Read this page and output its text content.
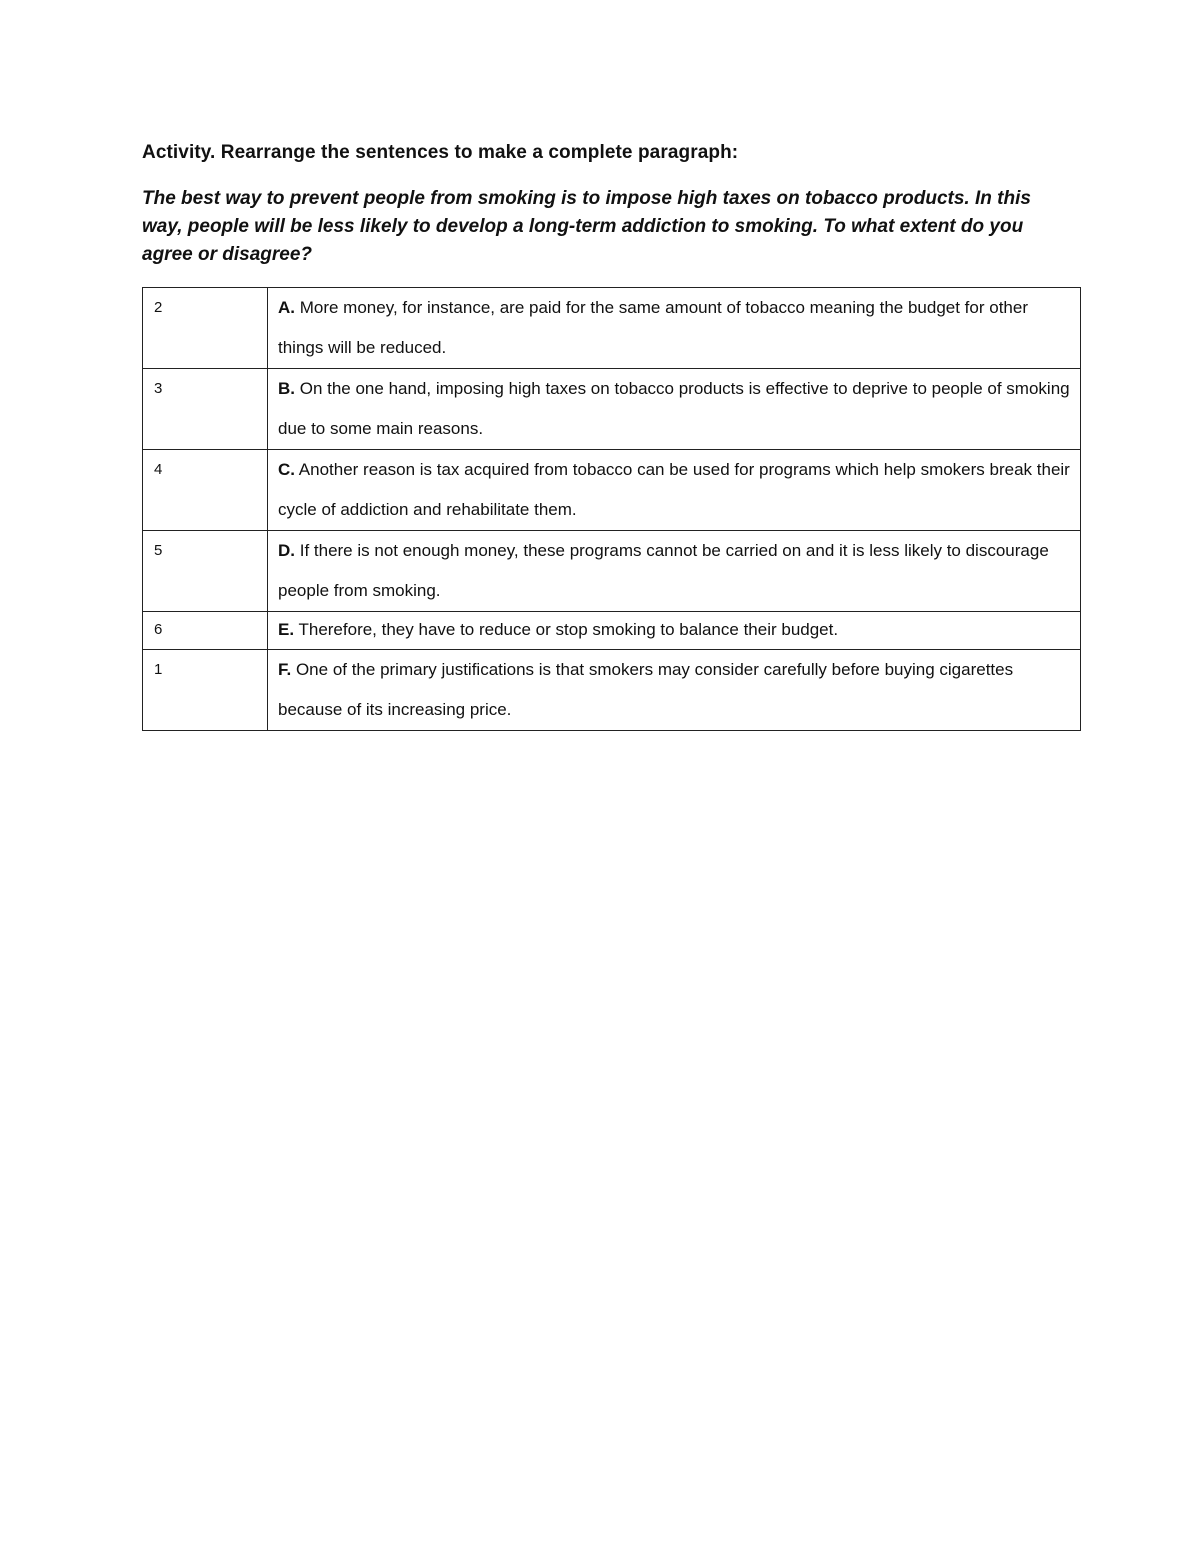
Activity. Rearrange the sentences to make a complete paragraph:
The best way to prevent people from smoking is to impose high taxes on tobacco products. In this way, people will be less likely to develop a long-term addiction to smoking. To what extent do you agree or disagree?
2	A. More money, for instance, are paid for the same amount of tobacco meaning the budget for other things will be reduced.
3	B. On the one hand, imposing high taxes on tobacco products is effective to deprive to people of smoking due to some main reasons.
4	C. Another reason is tax acquired from tobacco can be used for programs which help smokers break their cycle of addiction and rehabilitate them.
5	D. If there is not enough money, these programs cannot be carried on and it is less likely to discourage people from smoking.
6	E. Therefore, they have to reduce or stop smoking to balance their budget.
1	F. One of the primary justifications is that smokers may consider carefully before buying cigarettes because of its increasing price.
